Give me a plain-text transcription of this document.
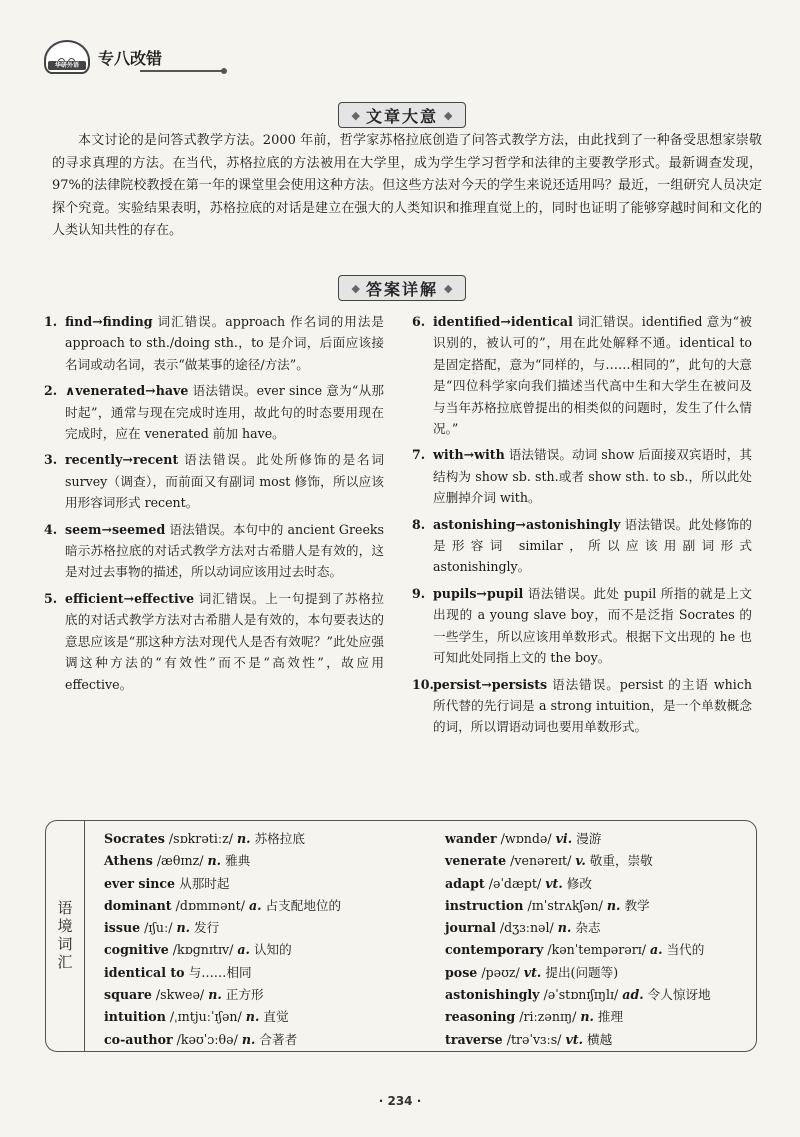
华研外语	专八改错
◆ 文章大意 ◆
本文讨论的是问答式教学方法。2000 年前，哲学家苏格拉底创造了问答式教学方法，由此找到了一种备受思想家崇敬的寻求真理的方法。在当代，苏格拉底的方法被用在大学里，成为学生学习哲学和法律的主要教学形式。最新调查发现，97%的法律院校教授在第一年的课堂里会使用这种方法。但这些方法对今天的学生来说还适用吗？最近，一组研究人员决定探个究竟。实验结果表明，苏格拉底的对话是建立在强大的人类知识和推理直觉上的，同时也证明了能够穿越时间和文化的人类认知共性的存在。
◆ 答案详解 ◆
1. find→finding 词汇错误。approach 作名词的用法是 approach to sth./doing sth.，to 是介词，后面应该接名词或动名词，表示“做某事的途径/方法”。
2. ∧venerated→have 语法错误。ever since 意为“从那时起”，通常与现在完成时连用，故此句的时态要用现在完成时，应在 venerated 前加 have。
3. recently→recent 语法错误。此处所修饰的是名词 survey（调查），而前面又有副词 most 修饰，所以应该用形容词形式 recent。
4. seem→seemed 语法错误。本句中的 ancient Greeks 暗示苏格拉底的对话式教学方法对古希腊人是有效的，这是对过去事物的描述，所以动词应该用过去时态。
5. efficient→effective 词汇错误。上一句提到了苏格拉底的对话式教学方法对古希腊人是有效的，本句要表达的意思应该是“那这种方法对现代人是否有效呢？”此处应强调这种方法的“有效性”而不是“高效性”，故应用 effective。
6. identified→identical 词汇错误。identified 意为“被识别的，被认可的”，用在此处解释不通。identical to 是固定搭配，意为“同样的，与……相同的”，此句的大意是“四位科学家向我们描述当代高中生和大学生在被问及与当年苏格拉底曾提出的相类似的问题时，发生了什么情况。”
7. with→with 语法错误。动词 show 后面接双宾语时，其结构为 show sb. sth.或者 show sth. to sb.，所以此处应删掉介词 with。
8. astonishing→astonishingly 语法错误。此处修饰的是形容词 similar，所以应该用副词形式 astonishingly。
9. pupils→pupil 语法错误。此处 pupil 所指的就是上文出现的 a young slave boy，而不是泛指 Socrates 的一些学生，所以应该用单数形式。根据下文出现的 he 也可知此处同指上文的 the boy。
10. persist→persists 语法错误。persist 的主语 which 所代替的先行词是 a strong intuition，是一个单数概念的词，所以谓语动词也要用单数形式。
语境词汇
Socrates /sɒkrətiːz/ n. 苏格拉底
Athens /æθɪnz/ n. 雅典
ever since 从那时起
dominant /dɒmɪnənt/ a. 占支配地位的
issue /ɪʃuː/ n. 发行
cognitive /kɒgnɪtɪv/ a. 认知的
identical to 与……相同
square /skweə/ n. 正方形
intuition /ˌɪntjuːˈɪʃən/ n. 直觉
co-author /kəʊˈɔːθə/ n. 合著者
wander /wɒndə/ vi. 漫游
venerate /venəreɪt/ v. 敬重，崇敬
adapt /əˈdæpt/ vt. 修改
instruction /ɪnˈstrʌkʃən/ n. 教学
journal /dʒɜːnəl/ n. 杂志
contemporary /kənˈtempərərɪ/ a. 当代的
pose /pəʊz/ vt. 提出(问题等)
astonishingly /əˈstɒnɪʃɪŋlɪ/ ad. 令人惊讶地
reasoning /riːzənɪŋ/ n. 推理
traverse /trəˈvɜːs/ vt. 横越
· 234 ·
